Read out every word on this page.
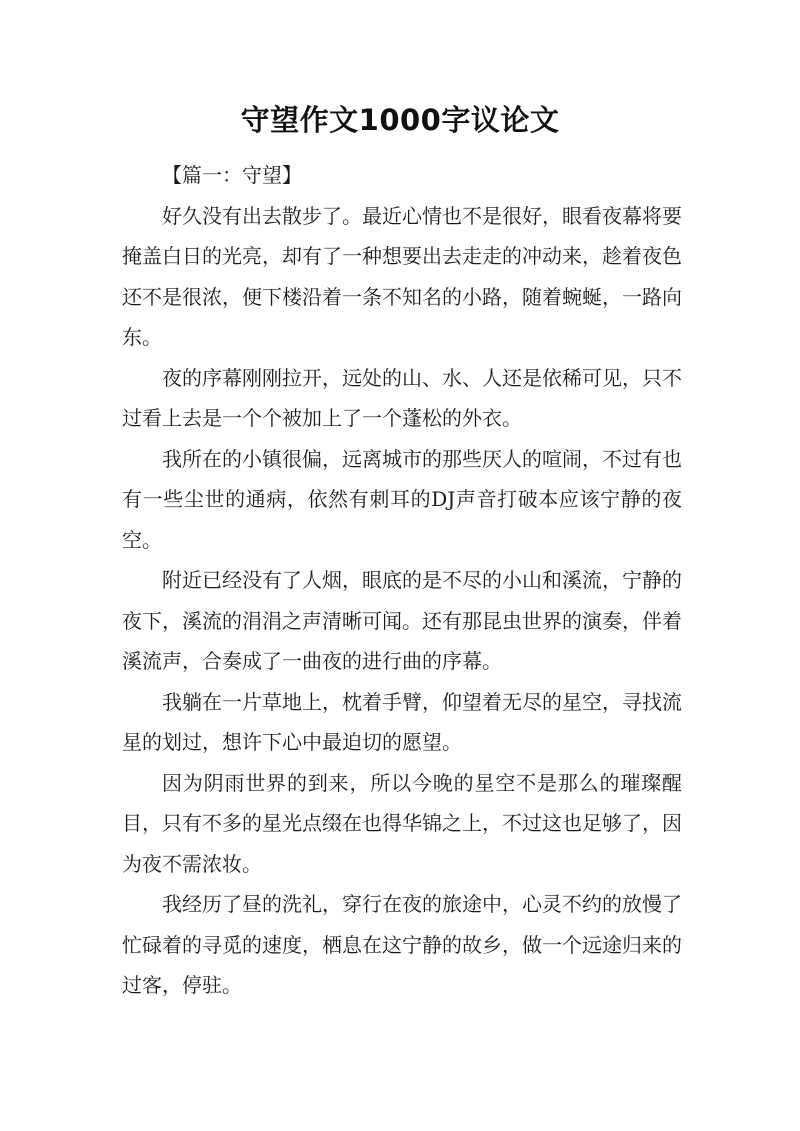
守望作文1000字议论文

【篇一：守望】

好久没有出去散步了。最近心情也不是很好，眼看夜幕将要掩盖白日的光亮，却有了一种想要出去走走的冲动来，趁着夜色还不是很浓，便下楼沿着一条不知名的小路，随着蜿蜒，一路向东。

夜的序幕刚刚拉开，远处的山、水、人还是依稀可见，只不过看上去是一个个被加上了一个蓬松的外衣。

我所在的小镇很偏，远离城市的那些厌人的喧闹，不过有也有一些尘世的通病，依然有刺耳的DJ声音打破本应该宁静的夜空。

附近已经没有了人烟，眼底的是不尽的小山和溪流，宁静的夜下，溪流的涓涓之声清晰可闻。还有那昆虫世界的演奏，伴着溪流声，合奏成了一曲夜的进行曲的序幕。

我躺在一片草地上，枕着手臂，仰望着无尽的星空，寻找流星的划过，想许下心中最迫切的愿望。

因为阴雨世界的到来，所以今晚的星空不是那么的璀璨醒目，只有不多的星光点缀在也得华锦之上，不过这也足够了，因为夜不需浓妆。

我经历了昼的洗礼，穿行在夜的旅途中，心灵不约的放慢了忙碌着的寻觅的速度，栖息在这宁静的故乡，做一个远途归来的过客，停驻。
